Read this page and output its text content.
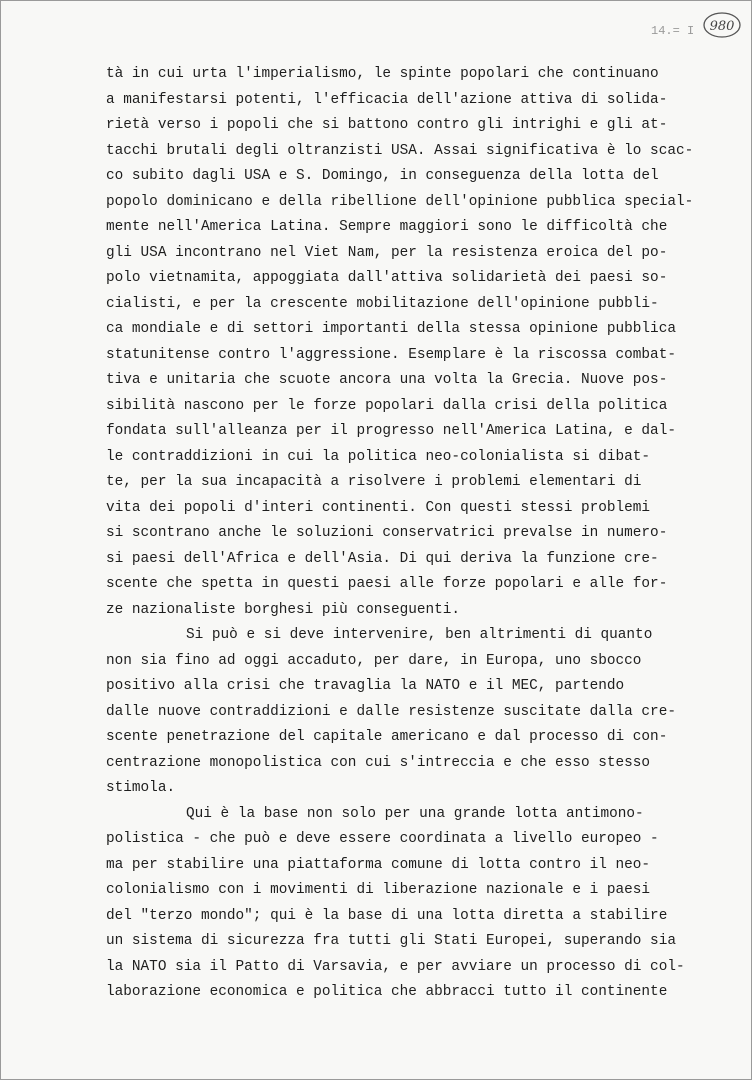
14.= I 980
tà in cui urta l'imperialismo, le spinte popolari che continuano
a manifestarsi potenti, l'efficacia dell'azione attiva di solida-
rietà verso i popoli che si battono contro gli intrighi e gli at-
tacchi brutali degli oltranzisti USA. Assai significativa è lo scac-
co subito dagli USA e S. Domingo, in conseguenza della lotta del
popolo dominicano e della ribellione dell'opinione pubblica special-
mente nell'America Latina. Sempre maggiori sono le difficoltà che
gli USA incontrano nel Viet Nam, per la resistenza eroica del po-
polo vietnamita, appoggiata dall'attiva solidarietà dei paesi so-
cialisti, e per la crescente mobilitazione dell'opinione pubbli-
ca mondiale e di settori importanti della stessa opinione pubblica
statunitense contro l'aggressione. Esemplare è la riscossa combat-
tiva e unitaria che scuote ancora una volta la Grecia. Nuove pos-
sibilità nascono per le forze popolari dalla crisi della politica
fondata sull'alleanza per il progresso nell'America Latina, e dal-
le contraddizioni in cui la politica neo-colonialista si dibat-
te, per la sua incapacità a risolvere i problemi elementari di
vita dei popoli d'interi continenti. Con questi stessi problemi
si scontrano anche le soluzioni conservatrici prevalse in numero-
si paesi dell'Africa e dell'Asia. Di qui deriva la funzione cre-
scente che spetta in questi paesi alle forze popolari e alle for-
ze nazionaliste borghesi più conseguenti.
Si può e si deve intervenire, ben altrimenti di quanto
non sia fino ad oggi accaduto, per dare, in Europa, uno sbocco
positivo alla crisi che travaglia la NATO e il MEC, partendo
dalle nuove contraddizioni e dalle resistenze suscitate dalla cre-
scente penetrazione del capitale americano e dal processo di con-
centrazione monopolistica con cui s'intreccia e che esso stesso
stimola.
Qui è la base non solo per una grande lotta antimono-
polistica - che può e deve essere coordinata a livello europeo -
ma per stabilire una piattaforma comune di lotta contro il neo-
colonialismo con i movimenti di liberazione nazionale e i paesi
del "terzo mondo"; qui è la base di una lotta diretta a stabilire
un sistema di sicurezza fra tutti gli Stati Europei, superando sia
la NATO sia il Patto di Varsavia, e per avviare un processo di col-
laborazione economica e politica che abbracci tutto il continente
